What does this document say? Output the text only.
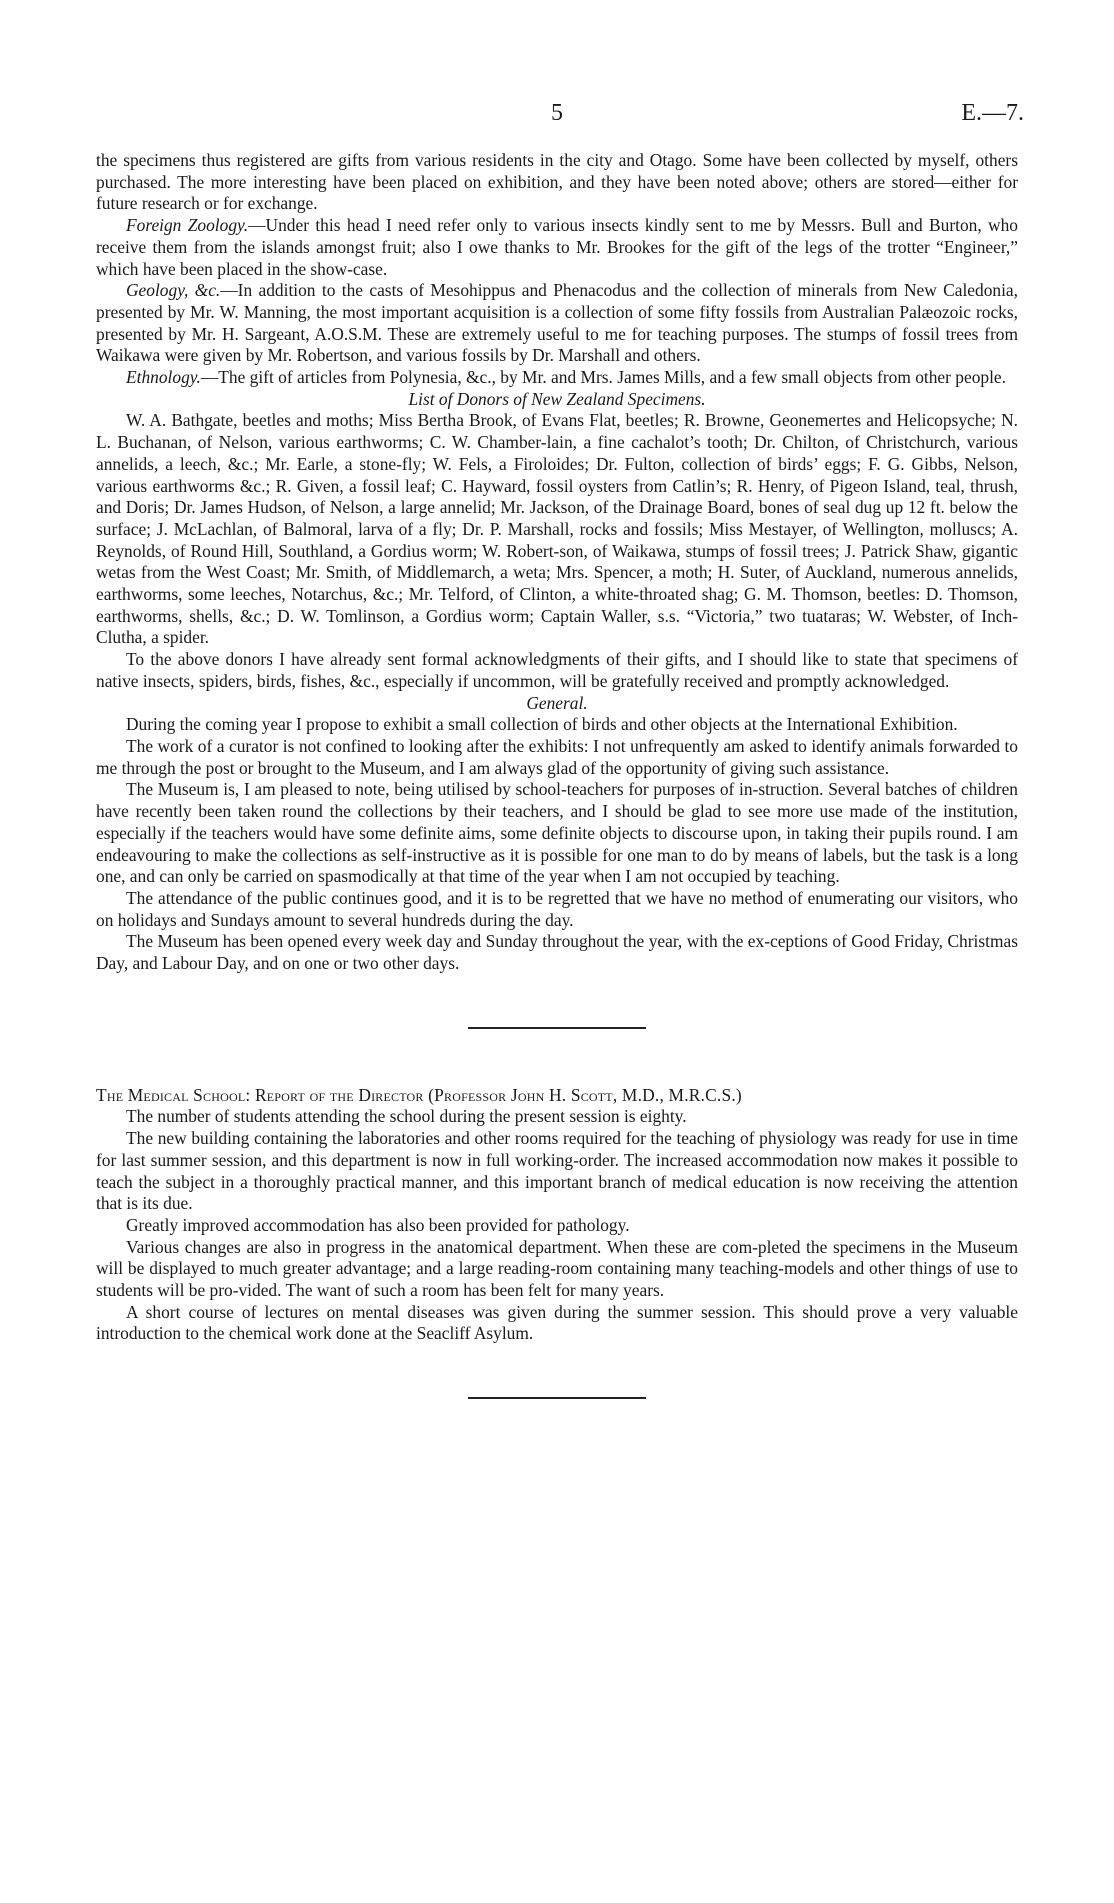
5	E.—7.

the specimens thus registered are gifts from various residents in the city and Otago. Some have been collected by myself, others purchased. The more interesting have been placed on exhibition, and they have been noted above; others are stored—either for future research or for exchange.

Foreign Zoology.—Under this head I need refer only to various insects kindly sent to me by Messrs. Bull and Burton, who receive them from the islands amongst fruit; also I owe thanks to Mr. Brookes for the gift of the legs of the trotter “Engineer,” which have been placed in the show-case.

Geology, &c.—In addition to the casts of Mesohippus and Phenacodus and the collection of minerals from New Caledonia, presented by Mr. W. Manning, the most important acquisition is a collection of some fifty fossils from Australian Palæozoic rocks, presented by Mr. H. Sargeant, A.O.S.M. These are extremely useful to me for teaching purposes. The stumps of fossil trees from Waikawa were given by Mr. Robertson, and various fossils by Dr. Marshall and others.

Ethnology.—The gift of articles from Polynesia, &c., by Mr. and Mrs. James Mills, and a few small objects from other people.

List of Donors of New Zealand Specimens.

W. A. Bathgate, beetles and moths; Miss Bertha Brook, of Evans Flat, beetles; R. Browne, Geonemertes and Helicopsyche; N. L. Buchanan, of Nelson, various earthworms; C. W. Chamber-lain, a fine cachalot’s tooth; Dr. Chilton, of Christchurch, various annelids, a leech, &c.; Mr. Earle, a stone-fly; W. Fels, a Firoloides; Dr. Fulton, collection of birds’ eggs; F. G. Gibbs, Nelson, various earthworms &c.; R. Given, a fossil leaf; C. Hayward, fossil oysters from Catlin’s; R. Henry, of Pigeon Island, teal, thrush, and Doris; Dr. James Hudson, of Nelson, a large annelid; Mr. Jackson, of the Drainage Board, bones of seal dug up 12 ft. below the surface; J. McLachlan, of Balmoral, larva of a fly; Dr. P. Marshall, rocks and fossils; Miss Mestayer, of Wellington, molluscs; A. Reynolds, of Round Hill, Southland, a Gordius worm; W. Robert-son, of Waikawa, stumps of fossil trees; J. Patrick Shaw, gigantic wetas from the West Coast; Mr. Smith, of Middlemarch, a weta; Mrs. Spencer, a moth; H. Suter, of Auckland, numerous annelids, earthworms, some leeches, Notarchus, &c.; Mr. Telford, of Clinton, a white-throated shag; G. M. Thomson, beetles: D. Thomson, earthworms, shells, &c.; D. W. Tomlinson, a Gordius worm; Captain Waller, s.s. “Victoria,” two tuataras; W. Webster, of Inch-Clutha, a spider.

To the above donors I have already sent formal acknowledgments of their gifts, and I should like to state that specimens of native insects, spiders, birds, fishes, &c., especially if uncommon, will be gratefully received and promptly acknowledged.

General.

During the coming year I propose to exhibit a small collection of birds and other objects at the International Exhibition.

The work of a curator is not confined to looking after the exhibits: I not unfrequently am asked to identify animals forwarded to me through the post or brought to the Museum, and I am always glad of the opportunity of giving such assistance.

The Museum is, I am pleased to note, being utilised by school-teachers for purposes of in-struction. Several batches of children have recently been taken round the collections by their teachers, and I should be glad to see more use made of the institution, especially if the teachers would have some definite aims, some definite objects to discourse upon, in taking their pupils round. I am endeavouring to make the collections as self-instructive as it is possible for one man to do by means of labels, but the task is a long one, and can only be carried on spasmodically at that time of the year when I am not occupied by teaching.

The attendance of the public continues good, and it is to be regretted that we have no method of enumerating our visitors, who on holidays and Sundays amount to several hundreds during the day.

The Museum has been opened every week day and Sunday throughout the year, with the ex-ceptions of Good Friday, Christmas Day, and Labour Day, and on one or two other days.

The Medical School: Report of the Director (Professor John H. Scott, M.D., M.R.C.S.)

The number of students attending the school during the present session is eighty.

The new building containing the laboratories and other rooms required for the teaching of physiology was ready for use in time for last summer session, and this department is now in full working-order. The increased accommodation now makes it possible to teach the subject in a thoroughly practical manner, and this important branch of medical education is now receiving the attention that is its due.

Greatly improved accommodation has also been provided for pathology.

Various changes are also in progress in the anatomical department. When these are com-pleted the specimens in the Museum will be displayed to much greater advantage; and a large reading-room containing many teaching-models and other things of use to students will be pro-vided. The want of such a room has been felt for many years.

A short course of lectures on mental diseases was given during the summer session. This should prove a very valuable introduction to the chemical work done at the Seacliff Asylum.
